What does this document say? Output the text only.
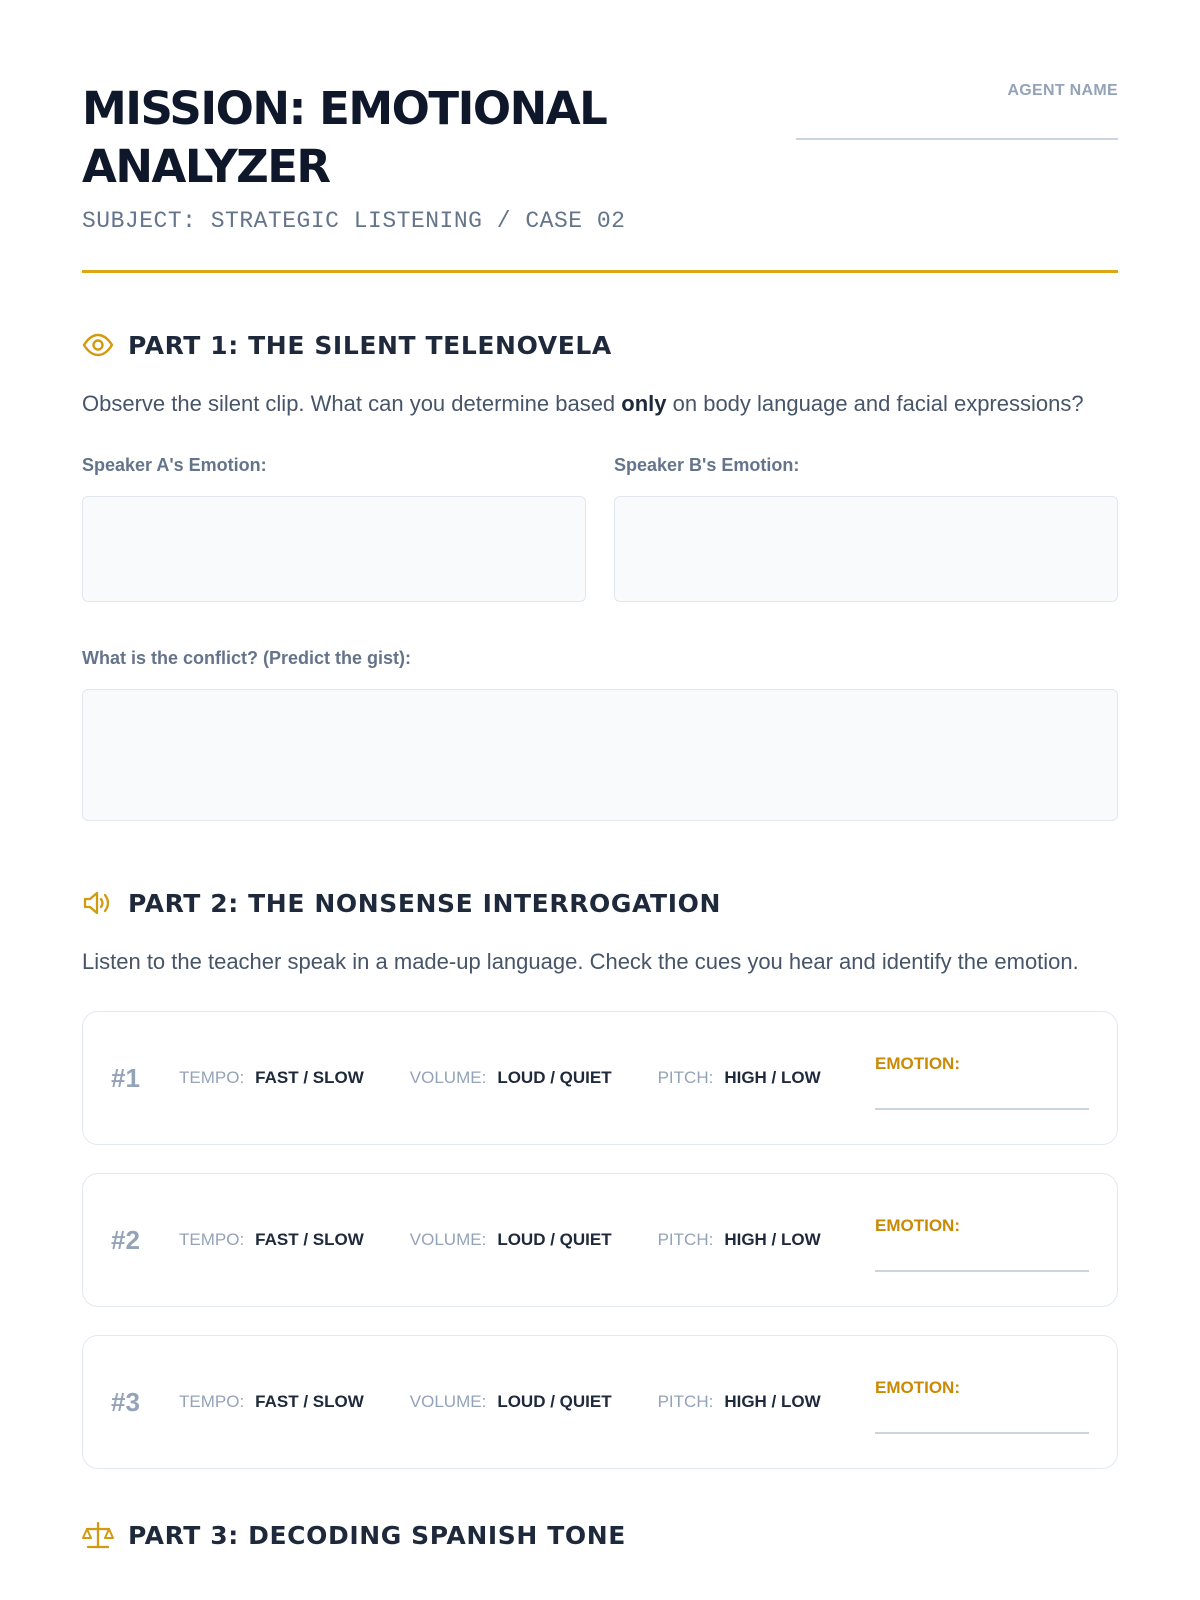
MISSION: EMOTIONAL ANALYZER
SUBJECT: STRATEGIC LISTENING / CASE 02
AGENT NAME
PART 1: THE SILENT TELENOVELA
Observe the silent clip. What can you determine based only on body language and facial expressions?
Speaker A's Emotion:	Speaker B's Emotion:
What is the conflict? (Predict the gist):
PART 2: THE NONSENSE INTERROGATION
Listen to the teacher speak in a made-up language. Check the cues you hear and identify the emotion.
#1	TEMPO: FAST / SLOW	VOLUME: LOUD / QUIET	PITCH: HIGH / LOW
EMOTION:
#2	TEMPO: FAST / SLOW	VOLUME: LOUD / QUIET	PITCH: HIGH / LOW
EMOTION:
#3	TEMPO: FAST / SLOW	VOLUME: LOUD / QUIET	PITCH: HIGH / LOW
EMOTION:
PART 3: DECODING SPANISH TONE
